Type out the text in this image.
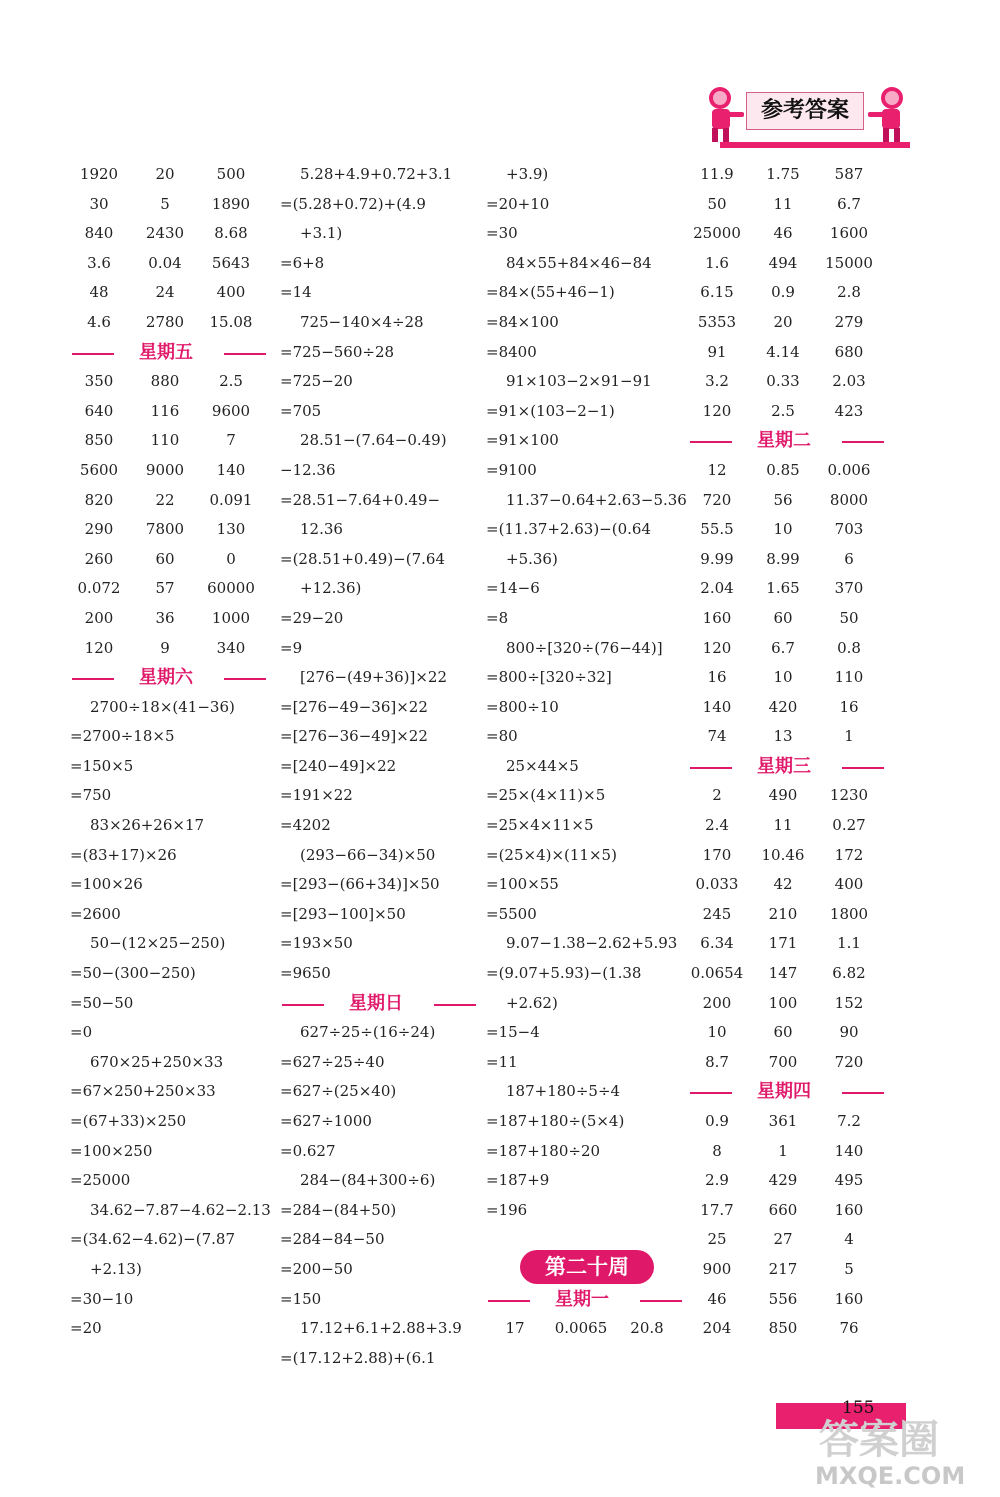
参考答案
1920	20	500
30	5	1890
840	2430	8.68
3.6	0.04	5643
48	24	400
4.6	2780	15.08
星期五
350	880	2.5
640	116	9600
850	110	7
5600	9000	140
820	22	0.091
290	7800	130
260	60	0
0.072	57	60000
200	36	1000
120	9	340
星期六
2700÷18×(41−36)
=2700÷18×5
=150×5
=750
83×26+26×17
=(83+17)×26
=100×26
=2600
50−(12×25−250)
=50−(300−250)
=50−50
=0
670×25+250×33
=67×250+250×33
=(67+33)×250
=100×250
=25000
34.62−7.87−4.62−2.13
=(34.62−4.62)−(7.87
+2.13)
=30−10
=20
5.28+4.9+0.72+3.1
=(5.28+0.72)+(4.9
+3.1)
=6+8
=14
725−140×4÷28
=725−560÷28
=725−20
=705
28.51−(7.64−0.49)
−12.36
=28.51−7.64+0.49−
12.36
=(28.51+0.49)−(7.64
+12.36)
=29−20
=9
[276−(49+36)]×22
=[276−49−36]×22
=[276−36−49]×22
=[240−49]×22
=191×22
=4202
(293−66−34)×50
=[293−(66+34)]×50
=[293−100]×50
=193×50
=9650
星期日
627÷25÷(16÷24)
=627÷25÷40
=627÷(25×40)
=627÷1000
=0.627
284−(84+300÷6)
=284−(84+50)
=284−84−50
=200−50
=150
17.12+6.1+2.88+3.9
=(17.12+2.88)+(6.1
+3.9)
=20+10
=30
84×55+84×46−84
=84×(55+46−1)
=84×100
=8400
91×103−2×91−91
=91×(103−2−1)
=91×100
=9100
11.37−0.64+2.63−5.36
=(11.37+2.63)−(0.64
+5.36)
=14−6
=8
800÷[320÷(76−44)]
=800÷[320÷32]
=800÷10
=80
25×44×5
=25×(4×11)×5
=25×4×11×5
=(25×4)×(11×5)
=100×55
=5500
9.07−1.38−2.62+5.93
=(9.07+5.93)−(1.38
+2.62)
=15−4
=11
187+180÷5÷4
=187+180÷(5×4)
=187+180÷20
=187+9
=196
星期一
17	0.0065	20.8
11.9	1.75	587
50	11	6.7
25000	46	1600
1.6	494	15000
6.15	0.9	2.8
5353	20	279
91	4.14	680
3.2	0.33	2.03
120	2.5	423
星期二
12	0.85	0.006
720	56	8000
55.5	10	703
9.99	8.99	6
2.04	1.65	370
160	60	50
120	6.7	0.8
16	10	110
140	420	16
74	13	1
星期三
2	490	1230
2.4	11	0.27
170	10.46	172
0.033	42	400
245	210	1800
6.34	171	1.1
0.0654	147	6.82
200	100	152
10	60	90
8.7	700	720
星期四
0.9	361	7.2
8	1	140
2.9	429	495
17.7	660	160
25	27	4
900	217	5
46	556	160
204	850	76
第二十周
155
答案圈
MXQE.COM
